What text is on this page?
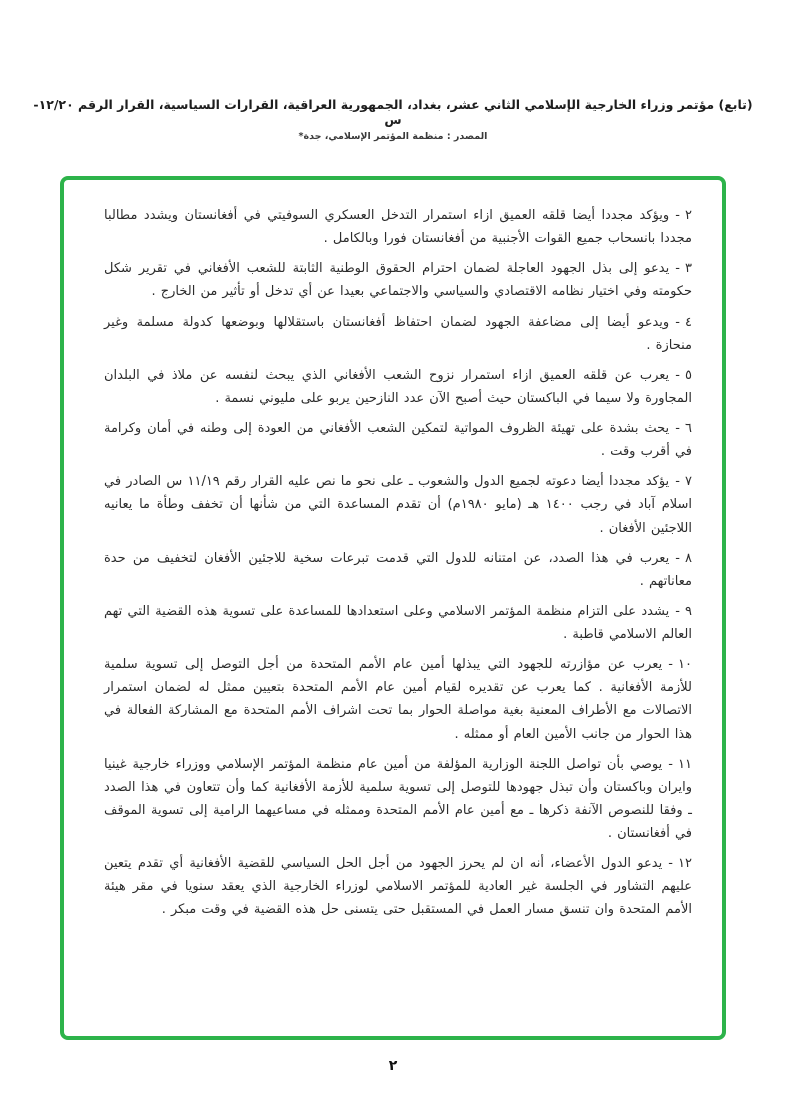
(تابع) مؤتمر وزراء الخارجية الإسلامي الثاني عشر، بغداد، الجمهورية العراقية، القرارات السياسية، القرار الرقم ١٢/٢٠- س
المصدر : منظمة المؤتمر الإسلامي، جدة*

٢ -ويؤكد مجددا أيضا قلقه العميق ازاء استمرار التدخل العسكري السوفيتي في أفغانستان ويشدد مطالبا مجددا بانسحاب جميع القوات الأجنبية من أفغانستان فورا وبالكامل .

٣ -يدعو إلى بذل الجهود العاجلة لضمان احترام الحقوق الوطنية الثابتة للشعب الأفغاني في تقرير شكل حكومته وفي اختيار نظامه الاقتصادي والسياسي والاجتماعي بعيدا عن أي تدخل أو تأثير من الخارج .

٤ -ويدعو أيضا إلى مضاعفة الجهود لضمان احتفاظ أفغانستان باستقلالها وبوضعها كدولة مسلمة وغير منحازة .

٥ -يعرب عن قلقه العميق ازاء استمرار نزوح الشعب الأفغاني الذي يبحث لنفسه عن ملاذ في البلدان المجاورة ولا سيما في الباكستان حيث أصبح الآن عدد النازحين يربو على مليوني نسمة .

٦ -يحث بشدة على تهيئة الظروف المواتية لتمكين الشعب الأفغاني من العودة إلى وطنه في أمان وكرامة في أقرب وقت .

٧ -يؤكد مجددا أيضا دعوته لجميع الدول والشعوب ـ على نحو ما نص عليه القرار رقم ١١/١٩ س الصادر في اسلام آباد في رجب ١٤٠٠ هـ (مايو ١٩٨٠م) أن تقدم المساعدة التي من شأنها أن تخفف وطأة ما يعانيه اللاجئين الأفغان .

٨ -يعرب في هذا الصدد، عن امتنانه للدول التي قدمت تبرعات سخية للاجئين الأفغان لتخفيف من حدة معاناتهم .

٩ -يشدد على التزام منظمة المؤتمر الاسلامي وعلى استعدادها للمساعدة على تسوية هذه القضية التي تهم العالم الاسلامي قاطبة .

١٠ -يعرب عن مؤازرته للجهود التي يبذلها أمين عام الأمم المتحدة من أجل التوصل إلى تسوية سلمية للأزمة الأفغانية . كما يعرب عن تقديره لقيام أمين عام الأمم المتحدة بتعيين ممثل له لضمان استمرار الاتصالات مع الأطراف المعنية بغية مواصلة الحوار بما تحت اشراف الأمم المتحدة مع المشاركة الفعالة في هذا الحوار من جانب الأمين العام أو ممثله .

١١ -يوصي بأن تواصل اللجنة الوزارية المؤلفة من أمين عام منظمة المؤتمر الإسلامي ووزراء خارجية غينيا وايران وباكستان وأن تبذل جهودها للتوصل إلى تسوية سلمية للأزمة الأفغانية كما وأن تتعاون في هذا الصدد ـ وفقا للنصوص الآنفة ذكرها ـ مع أمين عام الأمم المتحدة وممثله في مساعيهما الرامية إلى تسوية الموقف في أفغانستان .

١٢ -يدعو الدول الأعضاء، أنه ان لم يحرز الجهود من أجل الحل السياسي للقضية الأفغانية أي تقدم يتعين عليهم التشاور في الجلسة غير العادية للمؤتمر الاسلامي لوزراء الخارجية الذي يعقد سنويا في مقر هيئة الأمم المتحدة وان تنسق مسار العمل في المستقبل حتى يتسنى حل هذه القضية في وقت مبكر .

٢
